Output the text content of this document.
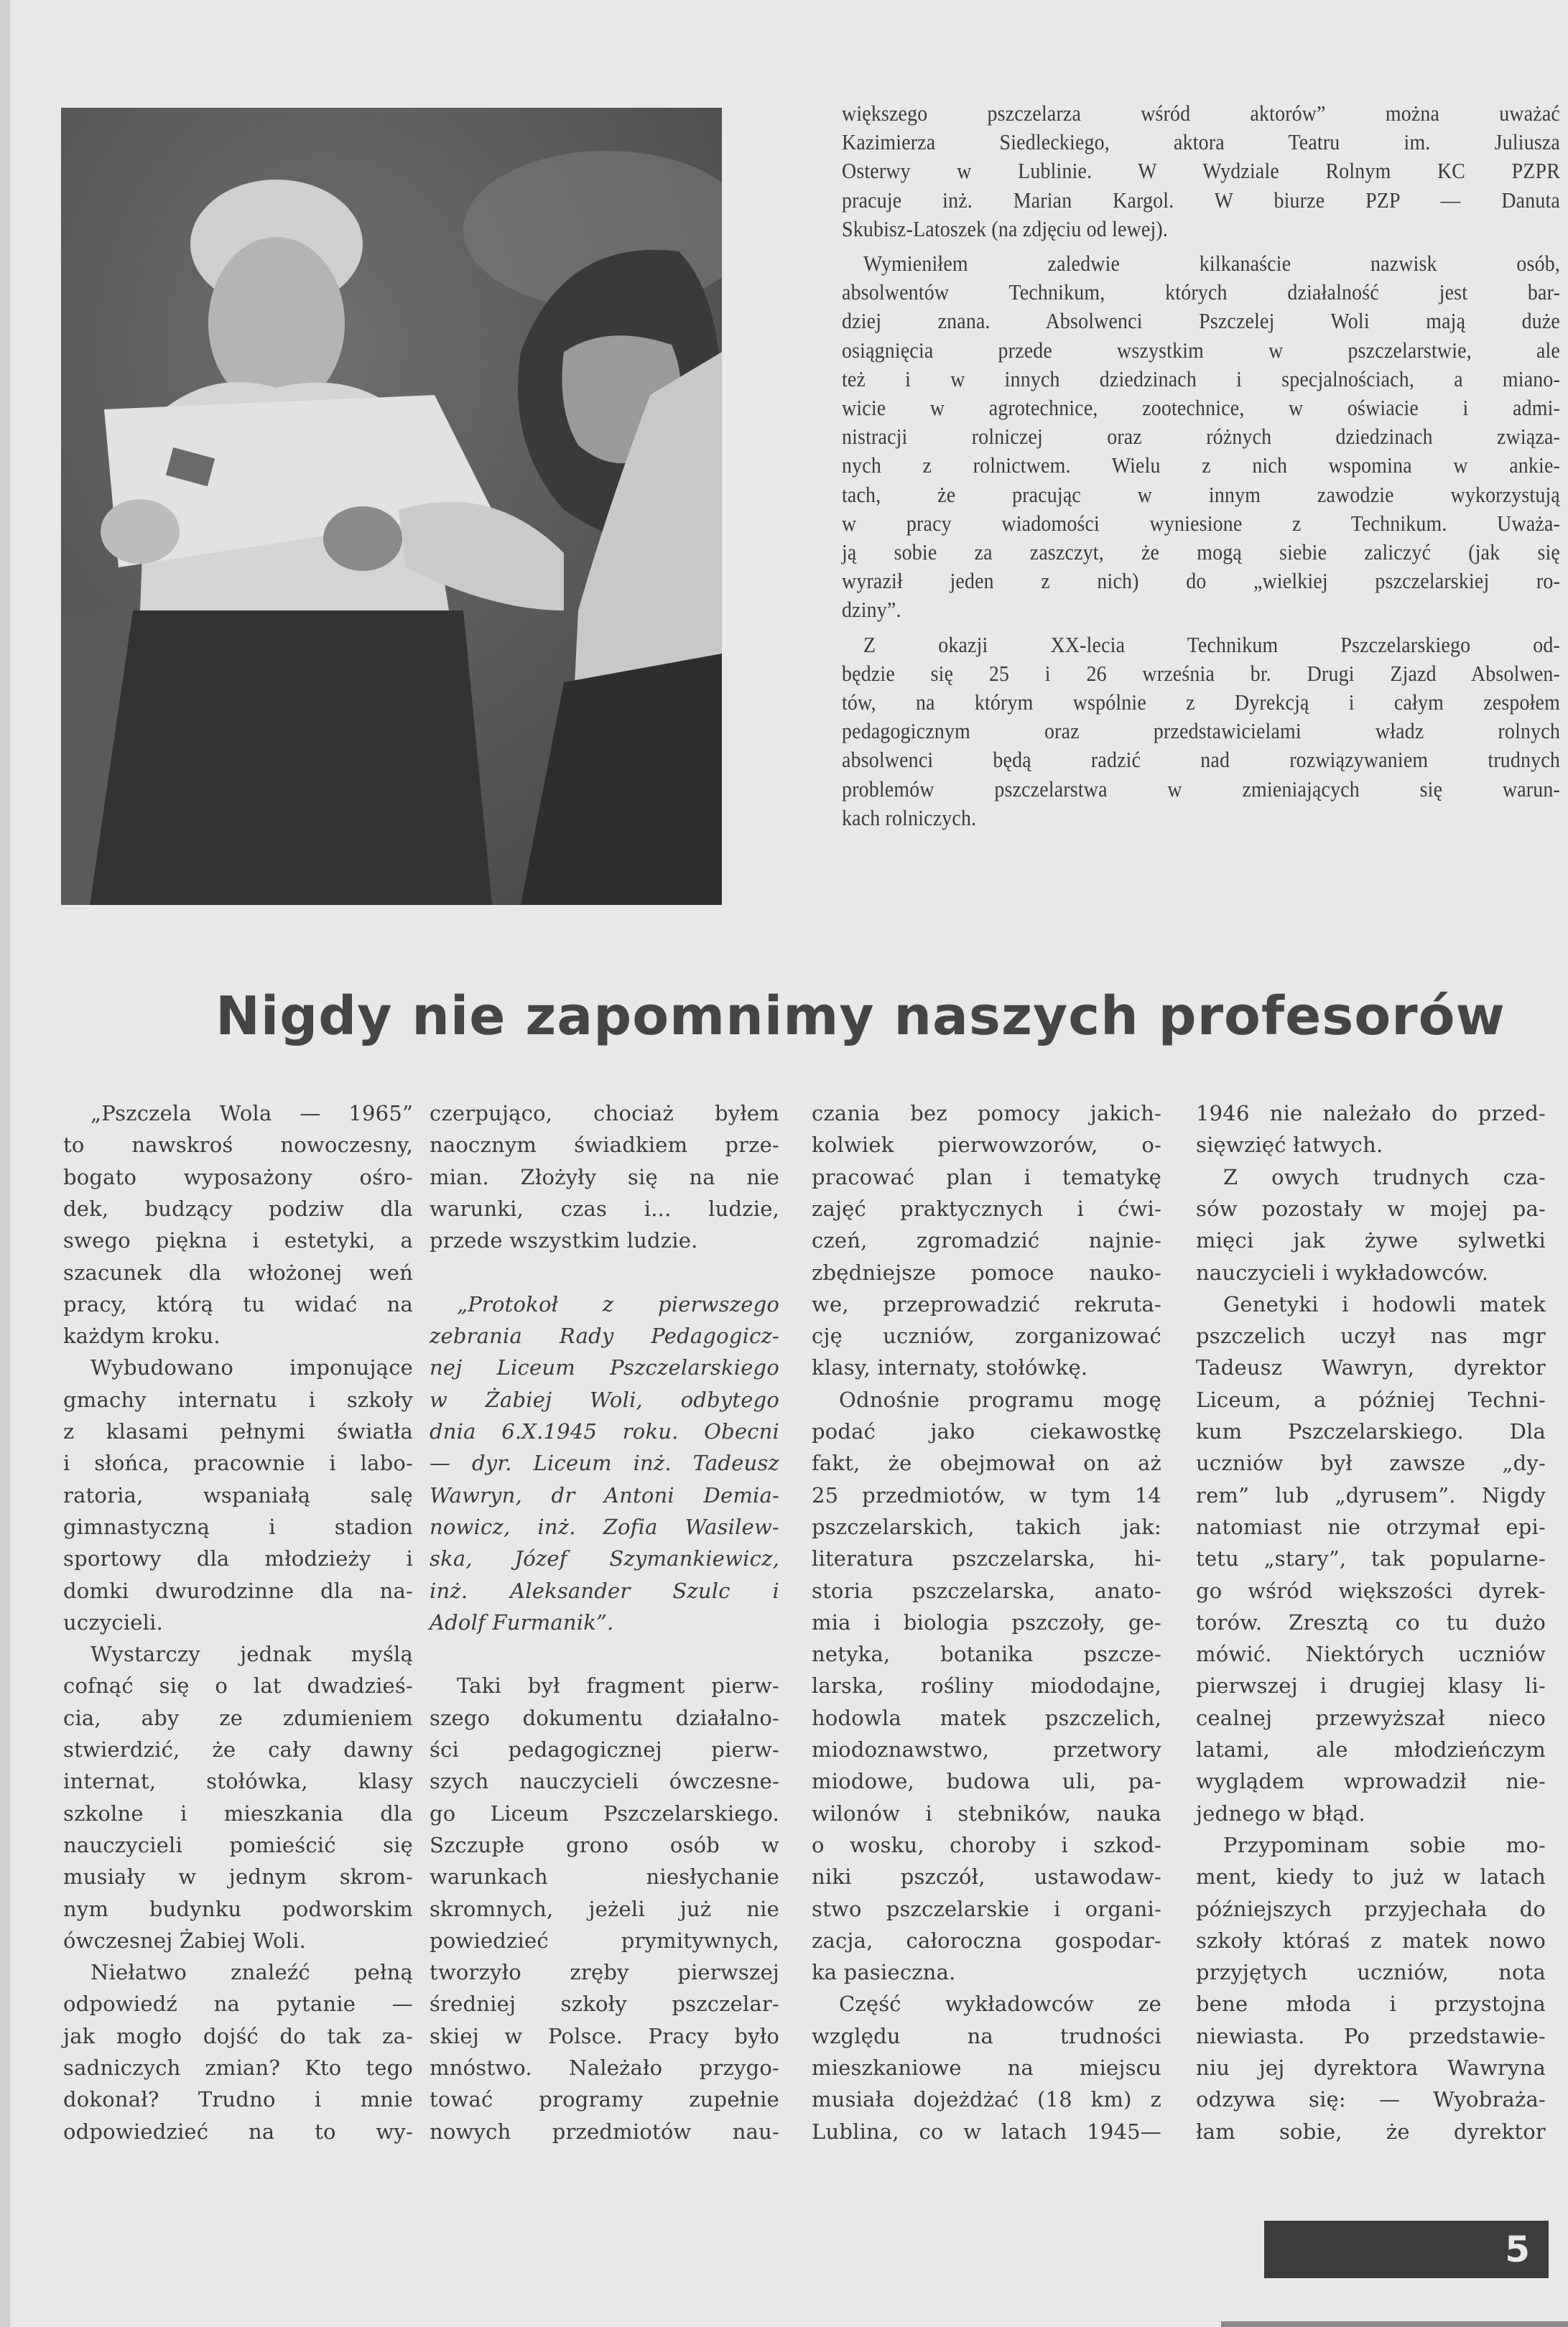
większego pszczelarza wśród aktorów” można uważać
Kazimierza Siedleckiego, aktora Teatru im. Juliusza
Osterwy w Lublinie. W Wydziale Rolnym KC PZPR
pracuje inż. Marian Kargol. W biurze PZP — Danuta
Skubisz-Latoszek (na zdjęciu od lewej).
Wymieniłem zaledwie kilkanaście nazwisk osób,
absolwentów Technikum, których działalność jest bar-
dziej znana. Absolwenci Pszczelej Woli mają duże
osiągnięcia przede wszystkim w pszczelarstwie, ale
też i w innych dziedzinach i specjalnościach, a miano-
wicie w agrotechnice, zootechnice, w oświacie i admi-
nistracji rolniczej oraz różnych dziedzinach związa-
nych z rolnictwem. Wielu z nich wspomina w ankie-
tach, że pracując w innym zawodzie wykorzystują
w pracy wiadomości wyniesione z Technikum. Uważa-
ją sobie za zaszczyt, że mogą siebie zaliczyć (jak się
wyraził jeden z nich) do „wielkiej pszczelarskiej ro-
dziny”.
Z okazji XX-lecia Technikum Pszczelarskiego od-
będzie się 25 i 26 września br. Drugi Zjazd Absolwen-
tów, na którym wspólnie z Dyrekcją i całym zespołem
pedagogicznym oraz przedstawicielami władz rolnych
absolwenci będą radzić nad rozwiązywaniem trudnych
problemów pszczelarstwa w zmieniających się warun-
kach rolniczych.
Nigdy nie zapomnimy naszych profesorów
„Pszczela Wola — 1965”
to nawskroś nowoczesny,
bogato wyposażony ośro-
dek, budzący podziw dla
swego piękna i estetyki, a
szacunek dla włożonej weń
pracy, którą tu widać na
każdym kroku.
Wybudowano imponujące
gmachy internatu i szkoły
z klasami pełnymi światła
i słońca, pracownie i labo-
ratoria, wspaniałą salę
gimnastyczną i stadion
sportowy dla młodzieży i
domki dwurodzinne dla na-
uczycieli.
Wystarczy jednak myślą
cofnąć się o lat dwadzieś-
cia, aby ze zdumieniem
stwierdzić, że cały dawny
internat, stołówka, klasy
szkolne i mieszkania dla
nauczycieli pomieścić się
musiały w jednym skrom-
nym budynku podworskim
ówczesnej Żabiej Woli.
Niełatwo znaleźć pełną
odpowiedź na pytanie —
jak mogło dojść do tak za-
sadniczych zmian? Kto tego
dokonał? Trudno i mnie
odpowiedzieć na to wy-
czerpująco, chociaż byłem
naocznym świadkiem prze-
mian. Złożyły się na nie
warunki, czas i... ludzie,
przede wszystkim ludzie.
„Protokoł z pierwszego
zebrania Rady Pedagogicz-
nej Liceum Pszczelarskiego
w Żabiej Woli, odbytego
dnia 6.X.1945 roku. Obecni
— dyr. Liceum inż. Tadeusz
Wawryn, dr Antoni Demia-
nowicz, inż. Zofia Wasilew-
ska, Józef Szymankiewicz,
inż. Aleksander Szulc i
Adolf Furmanik”.
Taki był fragment pierw-
szego dokumentu działalno-
ści pedagogicznej pierw-
szych nauczycieli ówczesne-
go Liceum Pszczelarskiego.
Szczupłe grono osób w
warunkach niesłychanie
skromnych, jeżeli już nie
powiedzieć prymitywnych,
tworzyło zręby pierwszej
średniej szkoły pszczelar-
skiej w Polsce. Pracy było
mnóstwo. Należało przygo-
tować programy zupełnie
nowych przedmiotów nau-
czania bez pomocy jakich-
kolwiek pierwowzorów, o-
pracować plan i tematykę
zajęć praktycznych i ćwi-
czeń, zgromadzić najnie-
zbędniejsze pomoce nauko-
we, przeprowadzić rekruta-
cję uczniów, zorganizować
klasy, internaty, stołówkę.
Odnośnie programu mogę
podać jako ciekawostkę
fakt, że obejmował on aż
25 przedmiotów, w tym 14
pszczelarskich, takich jak:
literatura pszczelarska, hi-
storia pszczelarska, anato-
mia i biologia pszczoły, ge-
netyka, botanika pszcze-
larska, rośliny miododajne,
hodowla matek pszczelich,
miodoznawstwo, przetwory
miodowe, budowa uli, pa-
wilonów i stebników, nauka
o wosku, choroby i szkod-
niki pszczół, ustawodaw-
stwo pszczelarskie i organi-
zacja, całoroczna gospodar-
ka pasieczna.
Część wykładowców ze
względu na trudności
mieszkaniowe na miejscu
musiała dojeżdżać (18 km) z
Lublina, co w latach 1945—
1946 nie należało do przed-
sięwzięć łatwych.
Z owych trudnych cza-
sów pozostały w mojej pa-
mięci jak żywe sylwetki
nauczycieli i wykładowców.
Genetyki i hodowli matek
pszczelich uczył nas mgr
Tadeusz Wawryn, dyrektor
Liceum, a później Techni-
kum Pszczelarskiego. Dla
uczniów był zawsze „dy-
rem” lub „dyrusem”. Nigdy
natomiast nie otrzymał epi-
tetu „stary”, tak popularne-
go wśród większości dyrek-
torów. Zresztą co tu dużo
mówić. Niektórych uczniów
pierwszej i drugiej klasy li-
cealnej przewyższał nieco
latami, ale młodzieńczym
wyglądem wprowadził nie-
jednego w błąd.
Przypominam sobie mo-
ment, kiedy to już w latach
późniejszych przyjechała do
szkoły któraś z matek nowo
przyjętych uczniów, nota
bene młoda i przystojna
niewiasta. Po przedstawie-
niu jej dyrektora Wawryna
odzywa się: — Wyobraża-
łam sobie, że dyrektor
5
